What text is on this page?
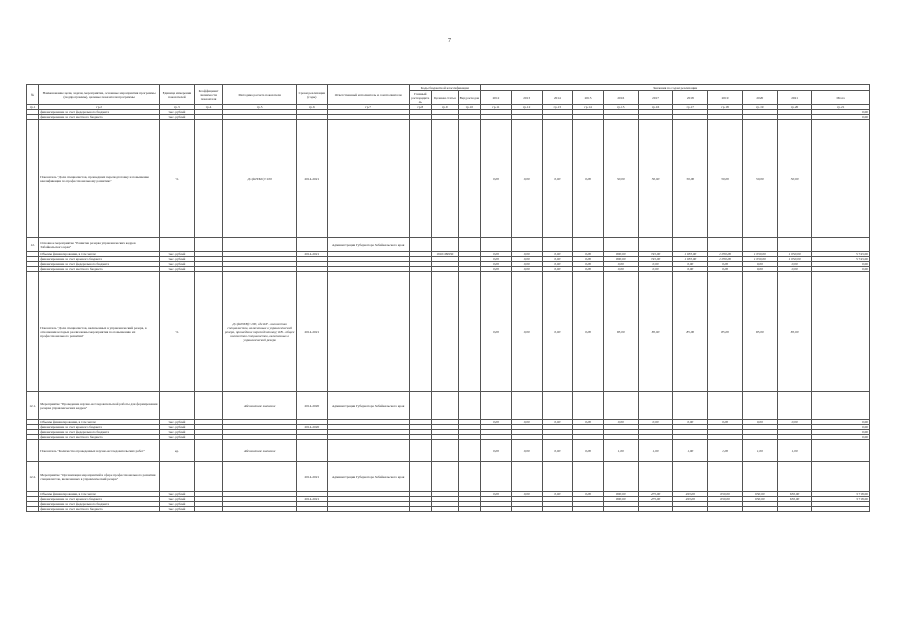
7
№	Наименование цели, задачи, мероприятия, основные мероприятия программы (подпрограммы), целевые показатели программы	Единица измерения показателей	Коэффициент значимости показателя	Методика расчета показателя	Сроки реализации (годы)	Ответственный исполнитель и соисполнители	Коды бюджетной классификации			Значения по годам реализации										
							Главный распорядитель	Целевая статья	Вид расходов	2012	2013	2014	2015	2016	2017	2018	2019	2020	2021	Итого
гр.1	гр.2	гр.3	гр.4	гр.5	гр.6	гр.7	гр.8	гр.9	гр.10	гр.11	гр.12	гр.13	гр.14	гр.15	гр.16	гр.17	гр.18	гр.19	гр.20	гр.21
	финансирование за счет федерального бюджета	тыс. рублей																		0,00
	финансирование за счет местного бюджета	тыс. рублей																		0,00
	Показатель "Доля специалистов, прошедших переподготовку и повышение квалификации по профессиональному развитию"	%		Д=(КП/КО)×100	2014-2021					0,00	0,00	0,00	0,00	50,00	50,00	50,00	50,00	50,00	50,00	
12.	Основное мероприятие "Развитие резерва управленческих кадров Забайкальского края"					Администрация Губернатора Забайкальского края														
	Объемы финансирования, в том числе:	тыс. рублей			2014-2021			1910109930		0,00	0,00	0,00	0,00	800,00	745,00	1 033,00	1 050,00	1 050,00	1 050,00	5 743,00
	финансирование за счет краевого бюджета	тыс. рублей								0,00	0,00	0,00	0,00	800,00	745,00	1 033,00	1 050,00	1 050,00	1 050,00	5 743,00
	финансирование за счет федерального бюджета	тыс. рублей								0,00	0,00	0,00	0,00	0,00	0,00	0,00	0,00	0,00	0,00	0,00
	финансирование за счет местного бюджета	тыс. рублей								0,00	0,00	0,00	0,00	0,00	0,00	0,00	0,00	0,00	0,00	0,00
	Показатель "Доля специалистов, включенных в управленческий резерв, в отношении которых реализованы мероприятия по повышению их профессионального развития"	%		Д=(КР/КВ)×100, где КР - количество специалистов, включенных в управленческий резерв, прошедших переподготовку; КВ - общее количество специалистов, включенных в управленческий резерв	2014-2021					0,00	0,00	0,00	0,00	85,00	85,00	85,00	85,00	85,00	85,00	
12.1.	Мероприятие "Проведение научно-исследовательской работы для формирования резерва управленческих кадров"			Абсолютное значение	2014-2020	Администрация Губернатора Забайкальского края														
	Объемы финансирования, в том числе:	тыс. рублей								0,00	0,00	0,00	0,00	0,00	0,00	0,00	0,00	0,00	0,00	0,00
	финансирование за счет краевого бюджета	тыс. рублей			2014-2020															0,00
	финансирование за счет федерального бюджета	тыс. рублей																		0,00
	финансирование за счет местного бюджета	тыс. рублей																		0,00
	Показатель "Количество проведенных научно-исследовательских работ"	ед.		Абсолютное значение						0,00	0,00	0,00	0,00	1,00	1,00	1,00	1,00	1,00	1,00	
12.2.	Мероприятие "Организация мероприятий в сфере профессионального развития специалистов, включенных в управленческий резерв"				2014-2021	Администрация Губернатора Забайкальского края														
	Объемы финансирования, в том числе:	тыс. рублей								0,00	0,00	0,00	0,00	800,00	475,00	493,00	650,00	650,00	650,00	3 718,00
	финансирование за счет краевого бюджета	тыс. рублей			2014-2021									800,00	475,00	493,00	650,00	650,00	650,00	3 718,00
	финансирование за счет федерального бюджета	тыс. рублей																		
	финансирование за счет местного бюджета	тыс. рублей																		
